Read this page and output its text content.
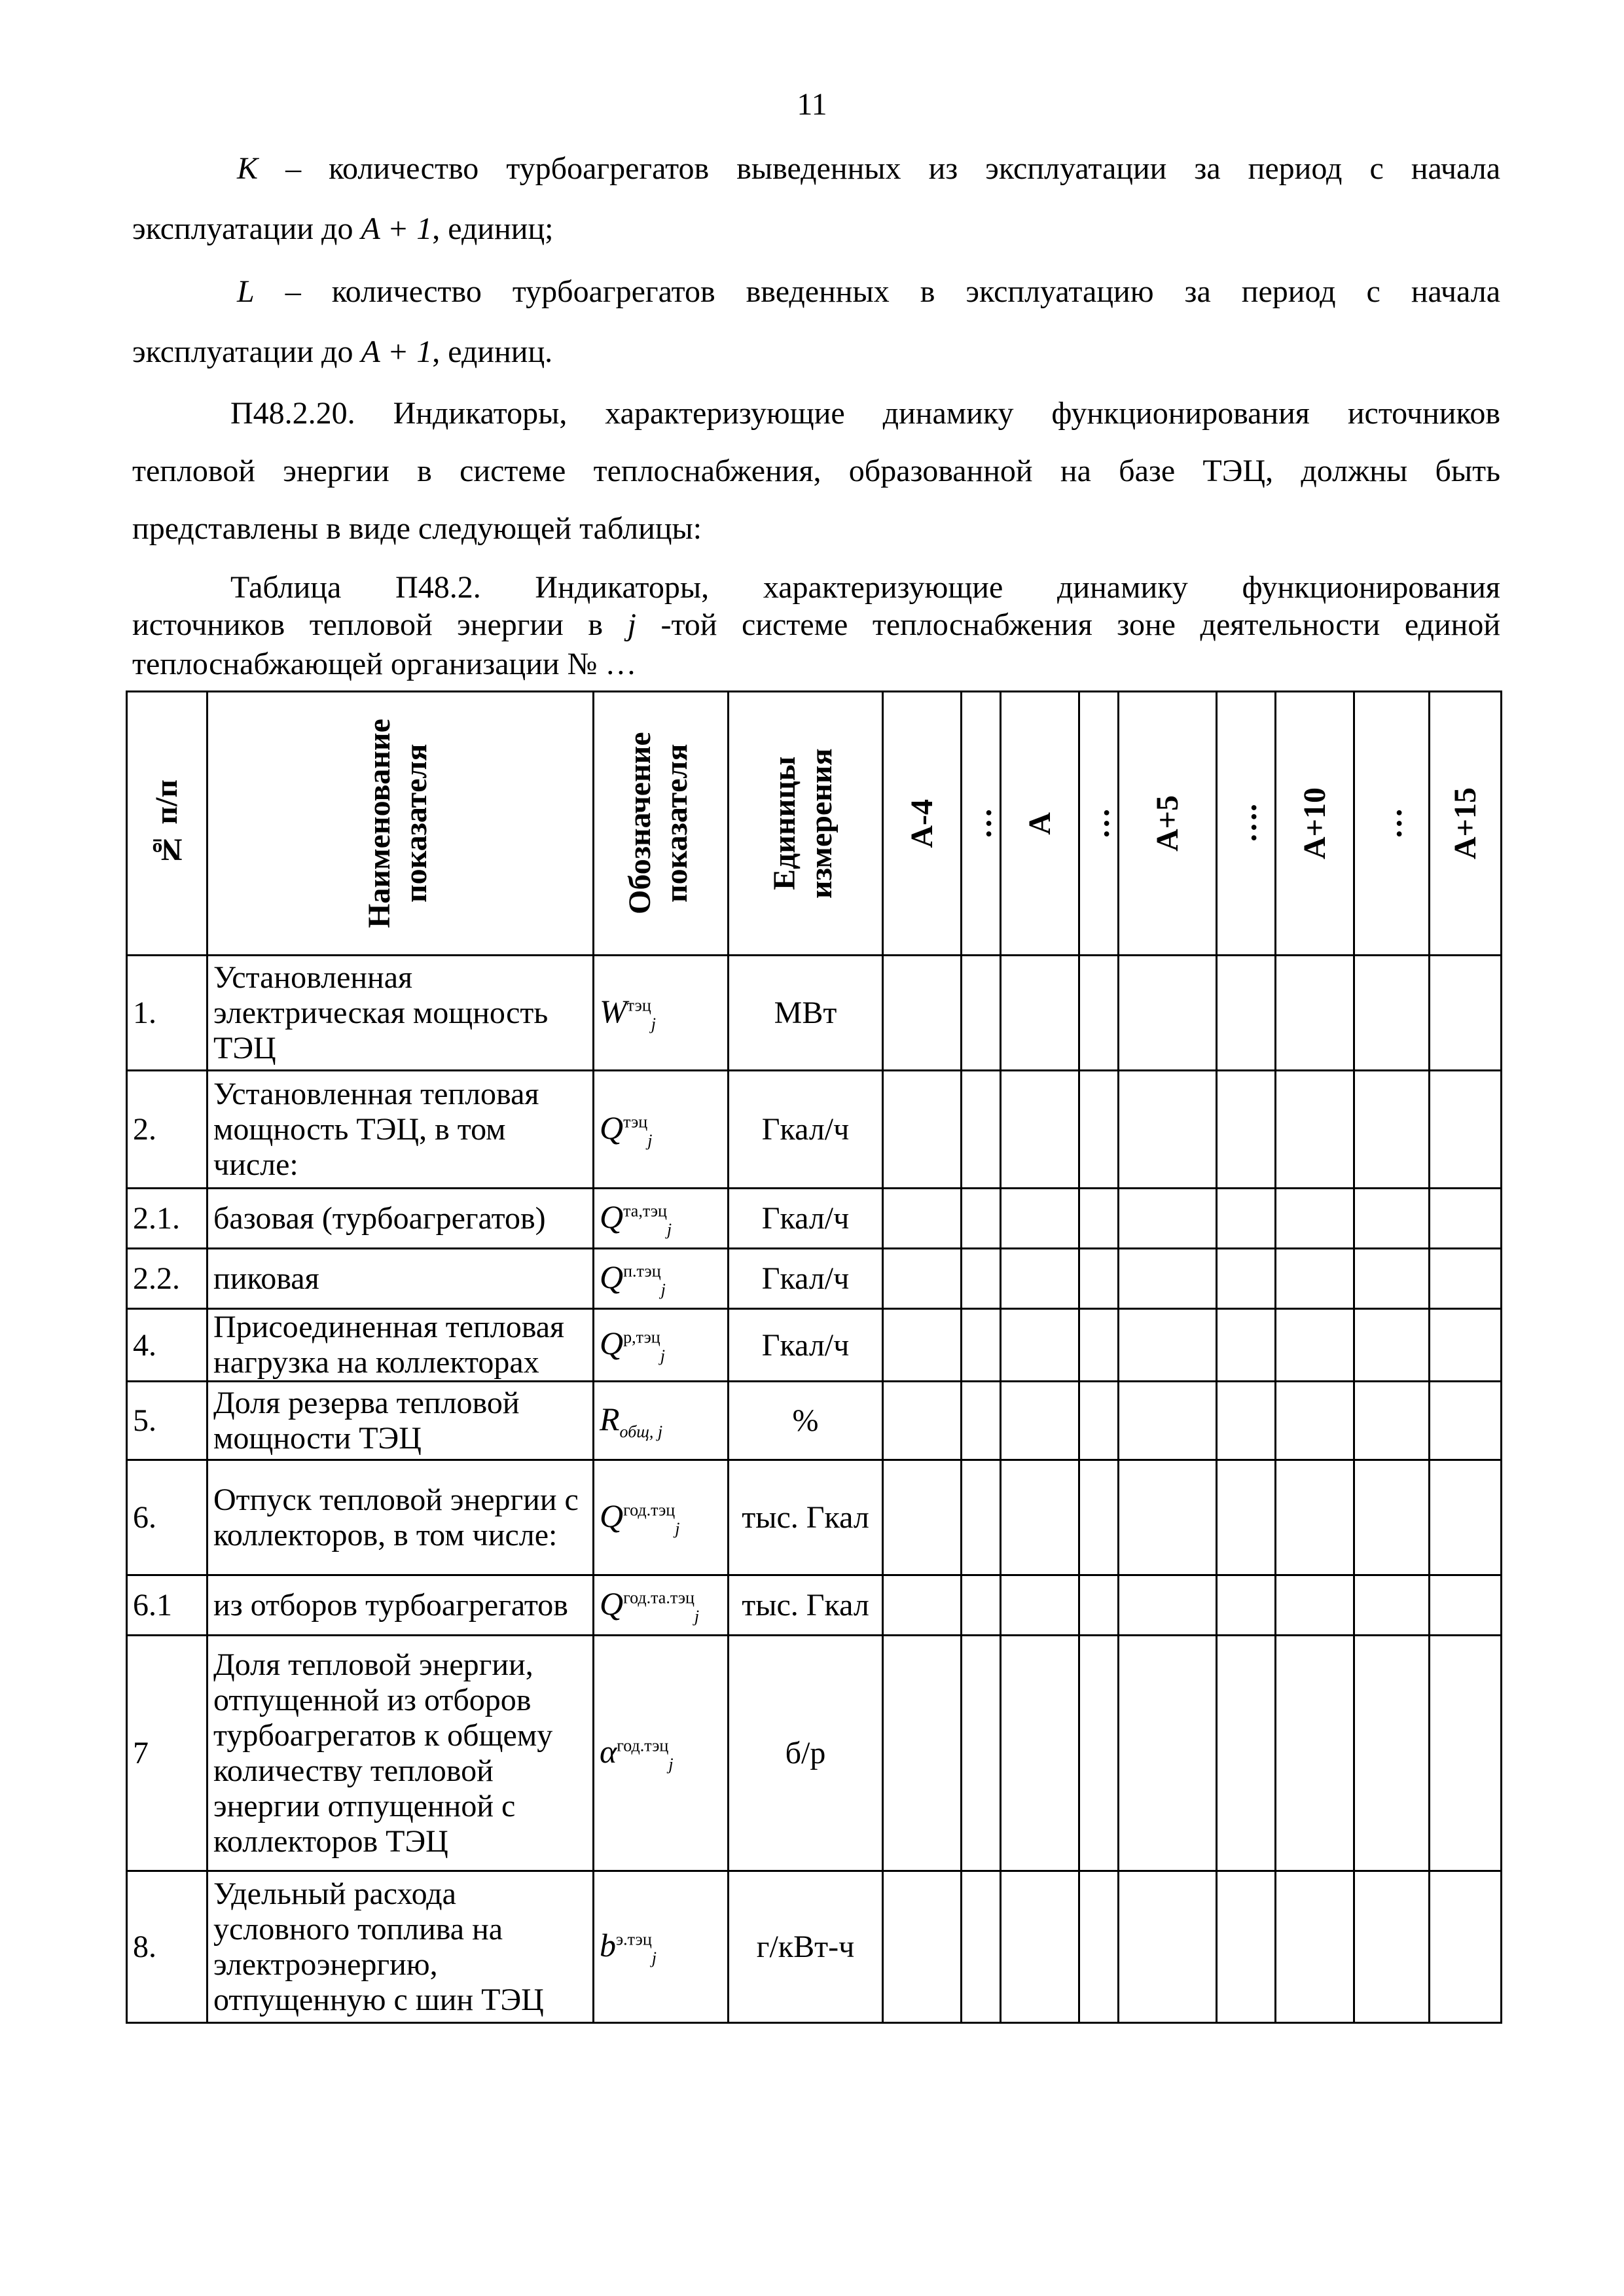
11
K – количество турбоагрегатов выведенных из эксплуатации за период с начала
эксплуатации до A + 1, единиц;
L – количество турбоагрегатов введенных в эксплуатацию за период с начала
эксплуатации до A + 1, единиц.
П48.2.20. Индикаторы, характеризующие динамику функционирования источников
тепловой энергии в системе теплоснабжения, образованной на базе ТЭЦ, должны быть
представлены в виде следующей таблицы:
Таблица П48.2. Индикаторы, характеризующие динамику функционирования
источников тепловой энергии в j -той системе теплоснабжения зоне деятельности единой
теплоснабжающей организации № …
№ п/п	Наименование показателя	Обозначение показателя	Единицы измерения	А-4	…	А	…	А+5	….	А+10	…	А+15

1.	Установленная электрическая мощность ТЭЦ	$W^{тэц}_j$	МВт									
2.	Установленная тепловая мощность ТЭЦ, в том числе:	$Q^{тэц}_j$	Гкал/ч									
2.1.	базовая (турбоагрегатов)	$Q^{та,тэц}_j$	Гкал/ч									
2.2.	пиковая	$Q^{п.тэц}_j$	Гкал/ч									
4.	Присоединенная тепловая нагрузка на коллекторах	$Q^{р,тэц}_j$	Гкал/ч									
5.	Доля резерва тепловой мощности ТЭЦ	$R_{общ, j}$	%									
6.	Отпуск тепловой энергии с коллекторов, в том числе:	$Q^{год.тэц}_j$	тыс. Гкал									
6.1	из отборов турбоагрегатов	$Q^{год.та.тэц}_j$	тыс. Гкал									
7	Доля тепловой энергии, отпущенной из отборов турбоагрегатов к общему количеству тепловой энергии отпущенной с коллекторов ТЭЦ	$\alpha^{год.тэц}_j$	б/р									
8.	Удельный расхода условного топлива на электроэнергию, отпущенную с шин ТЭЦ	$b^{э.тэц}_j$	г/кВт-ч									
